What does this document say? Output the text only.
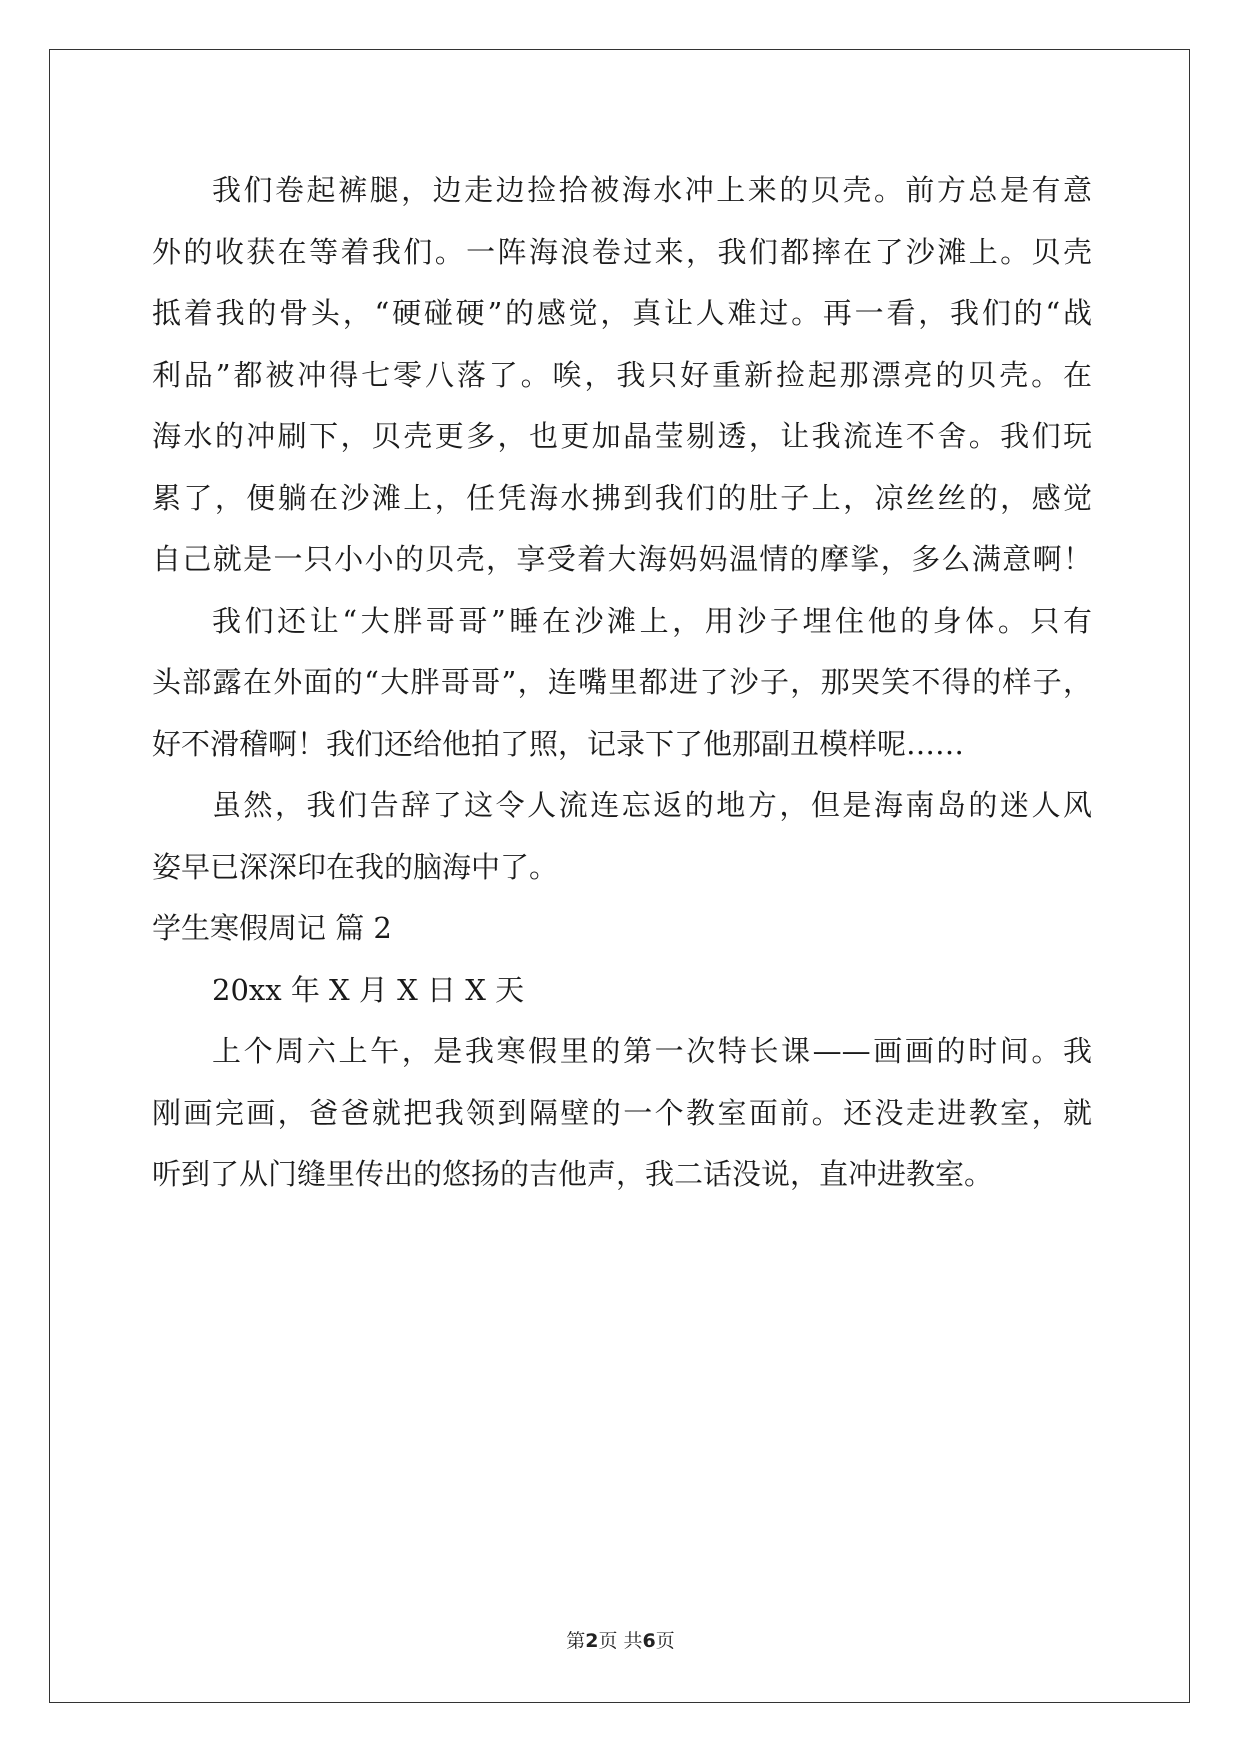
我们卷起裤腿，边走边捡拾被海水冲上来的贝壳。前方总是有意
外的收获在等着我们。一阵海浪卷过来，我们都摔在了沙滩上。贝壳
抵着我的骨头，“硬碰硬”的感觉，真让人难过。再一看，我们的“战
利品”都被冲得七零八落了。唉，我只好重新捡起那漂亮的贝壳。在
海水的冲刷下，贝壳更多，也更加晶莹剔透，让我流连不舍。我们玩
累了，便躺在沙滩上，任凭海水拂到我们的肚子上，凉丝丝的，感觉
自己就是一只小小的贝壳，享受着大海妈妈温情的摩挲，多么满意啊！
我们还让“大胖哥哥”睡在沙滩上，用沙子埋住他的身体。只有
头部露在外面的“大胖哥哥”，连嘴里都进了沙子，那哭笑不得的样子，
好不滑稽啊！我们还给他拍了照，记录下了他那副丑模样呢……
虽然，我们告辞了这令人流连忘返的地方，但是海南岛的迷人风
姿早已深深印在我的脑海中了。
学生寒假周记 篇 2
20xx 年 X 月 X 日 X 天
上个周六上午，是我寒假里的第一次特长课——画画的时间。我
刚画完画，爸爸就把我领到隔壁的一个教室面前。还没走进教室，就
听到了从门缝里传出的悠扬的吉他声，我二话没说，直冲进教室。
第2页 共6页
